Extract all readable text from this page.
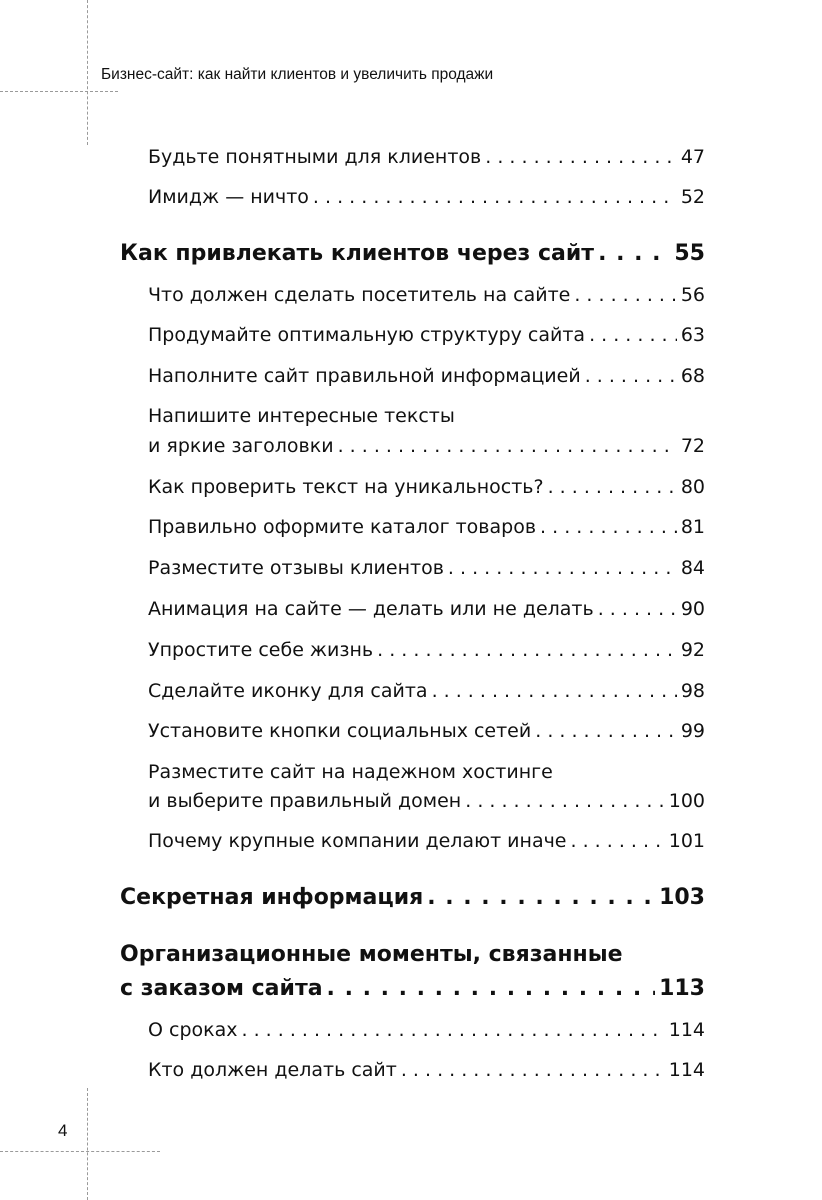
Бизнес-сайт: как найти клиентов и увеличить продажи
Будьте понятными для клиентов . . .	47
Имидж — ничто . . .	52
Как привлекать клиентов через сайт . . .	55
Что должен сделать посетитель на сайте . . .	56
Продумайте оптимальную структуру сайта . . .	63
Наполните сайт правильной информацией . . .	68
Напишите интересные тексты
и яркие заголовки . . .	72
Как проверить текст на уникальность? . . .	80
Правильно оформите каталог товаров . . .	81
Разместите отзывы клиентов . . .	84
Анимация на сайте — делать или не делать . . .	90
Упростите себе жизнь . . .	92
Сделайте иконку для сайта . . .	98
Установите кнопки социальных сетей . . .	99
Разместите сайт на надежном хостинге
и выберите правильный домен . . .	100
Почему крупные компании делают иначе . . .	101
Секретная информация . . .	103
Организационные моменты, связанные
с заказом сайта . . .	113
О сроках . . .	114
Кто должен делать сайт . . .	114
4
